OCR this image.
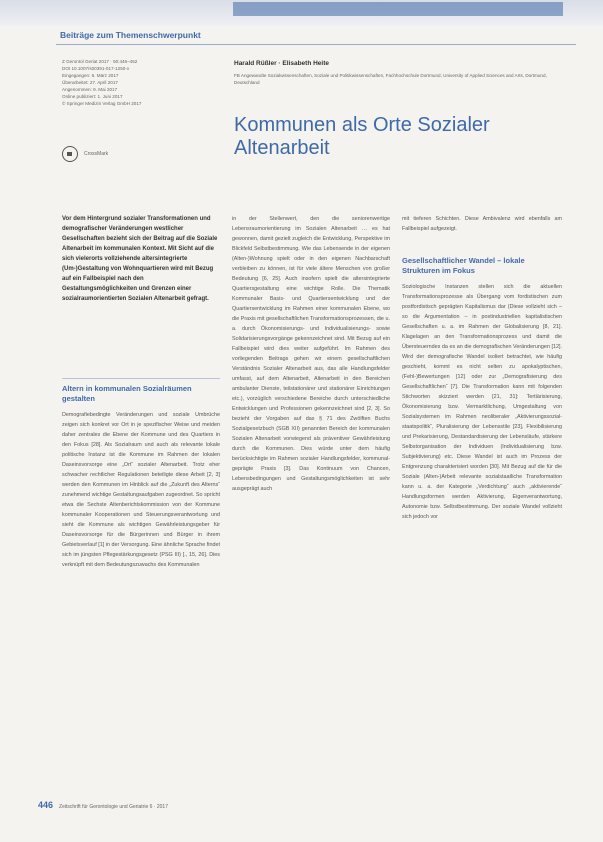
Beiträge zum Themenschwerpunkt
Z Gerontol Geriat 2017 · 50:446–452
DOI 10.1007/s00391-017-1250-x
Eingegangen: 6. März 2017
Überarbeitet: 27. April 2017
Angenommen: 9. Mai 2017
Online publiziert: 1. Juni 2017
© Springer Medizin Verlag GmbH 2017
CrossMark
Harald Rüßler · Elisabeth Heite
FB Angewandte Sozialwissenschaften, Soziale und Politikwissenschaften, Fachhochschule Dortmund, University of Applied Sciences and Arts, Dortmund, Deutschland
Kommunen als Orte Sozialer Altenarbeit
Vor dem Hintergrund sozialer Transformationen und demografischer Veränderungen westlicher Gesellschaften bezieht sich der Beitrag auf die Soziale Altenarbeit im kommunalen Kontext. Mit Sicht auf die sich vielerorts vollziehende altersintegrierte (Um-)Gestaltung von Wohnquartieren wird mit Bezug auf ein Fallbeispiel nach den Gestaltungsmöglichkeiten und Grenzen einer sozialraumorientierten Sozialen Altenarbeit gefragt.
Altern in kommunalen Sozialräumen gestalten
Demografiebedingte Veränderungen und soziale Umbrüche zeigen sich konkret vor Ort in je spezifischer Weise und meiden daher zentrales die Ebene der Kommune und des Quartiers in den Fokus [28]. Als Sozialraum und auch als relevante lokale politische Instanz ist die Kommune im Rahmen der lokalen Daseinsvorsorge eine „Ort“ sozialer Altenarbeit. Trotz eher schwacher rechtlicher Regulationen beteiligte diese Arbeit [2, 3] werden den Kommunen im Hinblick auf die „Zukunft des Alterns“ zunehmend wichtige Gestaltungsaufgaben zugeordnet. So spricht etwa die Sechste Altenberichtskommission von der Kommune kommunaler Kooperationen und Steuerungsverantwortung und sieht die Kommune als wichtigen Gewährleistungsgeber für Daseinsvorsorge für die Bürgerinnen und Bürger in ihrem Gebietsverlauf [1] in der Versorgung. Eine ähnliche Sprache findet sich im jüngsten Pflegestärkungsgesetz (PSG III) [., 15, 26]. Dies verknüpft mit dem Bedeutungszuwachs des Kommunalen
in der Stellenwert, den die seniorenwertige Lebensraumorientierung im Sozialen Altenarbeit … es hat gewonnen, damit gezielt zugleich die Entwicklung, Perspektive im Blickfeld Selbstbestimmung. Wie das Lebensende in der eigenen (Alten-)Wohnung spielt oder in den eigenen Nachbarschaft verbleiben zu können, ist für viele ältere Menschen von großer Bedeutung [6, 25]. Auch insofern spielt die altersintegrierte Quartiersgestaltung eine wichtige Rolle. Die Thematik Kommunaler Basis- und Quartiersentwicklung und der Quartiersentwicklung im Rahmen einer kommunalen Ebene, wo die Praxis mit gesellschaftlichen Transformationsprozessen, die u. a. durch Ökonomisierungs- und Individualisierungs- sowie Solidarisierungsvorgänge gekennzeichnet sind. Mit Bezug auf ein Fallbeispiel wird dies weiter aufgeführt. Im Rahmen des vorliegenden Beitrags gehen wir einem gesellschaftlichen Verständnis Sozialer Altenarbeit aus, das alle Handlungsfelder umfasst, auf dem Altenarbeit, Altenarbeit in den Bereichen ambulanter Dienste, teilstationärer und stationärer Einrichtungen etc.), vorzüglich verschiedene Bereiche durch unterschiedliche Entwicklungen und Professionen gekennzeichnet sind [2, 3]. So bezieht der Vorgaben auf das § 71 des Zwölften Buchs Sozialgesetzbuch (SGB XII) genannten Bereich der kommunalen Sozialen Altenarbeit vorwiegend als präventiver Gewährleistung durch die Kommunen. Dies würde unter dem häufig berücksichtigte im Rahmen sozialer Handlungsfelder, kommunal-geprägte Praxis [3]. Das Kontinuum von Chancen, Lebensbedingungen und Gestaltungsmöglichkeiten ist sehr ausgeprägt auch
mit tieferen Schichten. Diese Ambivalenz wird ebenfalls am Fallbeispiel aufgezeigt.
Gesellschaftlicher Wandel – lokale Strukturen im Fokus
Soziologische Instanzen stellen sich die aktuellen Transformationsprozesse als Übergang vom fordistischen zum postfordistisch geprägten Kapitalismus dar (Diese vollzieht sich – so die Argumentation – in postindustriellen kapitalistischen Gesellschaften u. a. im Rahmen der Globalisierung [8, 21]. Klagelagen an den Transformationsprozess und damit die Übersteuerndes da es an die demografischen Veränderungen [12]. Wird der demografische Wandel isoliert betrachtet, wie häufig geschieht, kommt es nicht selten zu apokalyptischen, (Fehl-)Bewertungen [12] oder zur „Demografisierung des Gesellschaftlichen“ [7]. Die Transformation kann mit folgenden Stichworten skizziert werden [21, 31]: Tertiärisierung, Ökonomisierung bzw. Vermarktlichung, Umgestaltung von Sozialsystemen im Rahmen neoliberaler „Aktivierungssozial-staatspolitik“, Pluralisierung der Lebensstile [23], Flexibilisierung und Prekarisierung, Destandardisierung der Lebensläufe, stärkere Selbstorganisation der Individuen (Individualisierung bzw. Subjektivierung) etc. Diese Wandel ist auch im Prozess der Entgrenzung charakterisiert worden [30]. Mit Bezug auf die für die Soziale (Alten-)Arbeit relevante sozialstaatliche Transformation kann u. a. der Kategorie „Verdichtung“ auch „aktivierende“ Handlungsformen werden Aktivierung, Eigenverantwortung, Autonomie bzw. Selbstbestimmung. Der soziale Wandel vollzieht sich jedoch vor
446 Zeitschrift für Gerontologie und Geriatrie 6 · 2017
